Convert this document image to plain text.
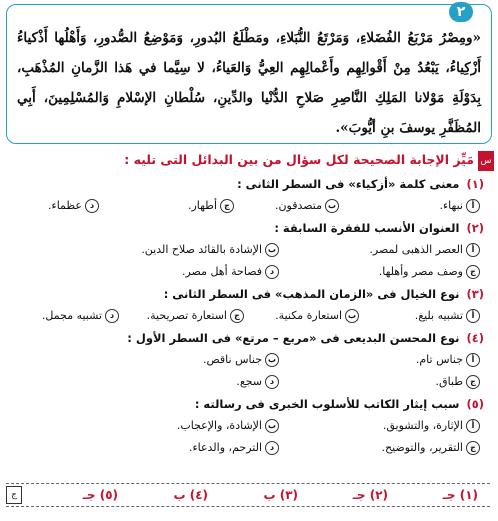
٢

«ومِصْرُ مَرْبَعُ الفُضَلاءِ، وَمَرْتَعُ النُّبَلاءِ، ومَطْلَعُ البُدورِ، وَمَوْضِعُ الصُّدورِ، وَأَهْلُها أَذْكياءُ أَزْكِياءُ، يَبْعُدُ مِنْ أَقْوالِهِم وأَعْمالِهِم العِيُّ وَالعَياءُ، لا سِيَّما في هَذا الزَّمانِ المُذْهَبِ، بِدَوْلَةِ مَوْلانا المَلِكِ النَّاصِرِ صَلاحِ الدُّنْيا والدِّينِ، سُلْطانِ الإسْلامِ وَالمُسْلِمِينَ، أَبِي المُظَفَّرِ يوسفَ بنِ أيُّوبَ».

س
مَيِّز الإجابة الصحيحة لكل سؤال من بين البدائل التى تليه :
(١) معنى كلمة «أزكياء» فى السطر الثانى :
أنبهاء.
بمتصدقون.
جأطهار.
دعظماء.
(٢) العنوان الأنسب للفقرة السابقة :
أالعصر الذهبى لمصر.
بالإشادة بالقائد صلاح الدين.
جوصف مصر وأهلها.
دفصاحة أهل مصر.
(٣) نوع الخيال فى «الزمان المذهب» فى السطر الثانى :
أتشبيه بليغ.
باستعارة مكنية.
جاستعارة تصريحية.
دتشبيه مجمل.
(٤) نوع المحسن البديعى فى «مربع – مرتع» فى السطر الأول :
أجناس تام.
بجناس ناقص.
جطباق.
دسجع.
(٥) سبب إيثار الكاتب للأسلوب الخبرى فى رسالته :
أالإثارة، والتشويق.
بالإشادة، والإعجاب.
جالتقرير، والتوضيح.
دالترحم، والدعاء.
(١) جـ
(٢) جـ
(٣) ب
(٤) ب
(٥) جـ
ج
